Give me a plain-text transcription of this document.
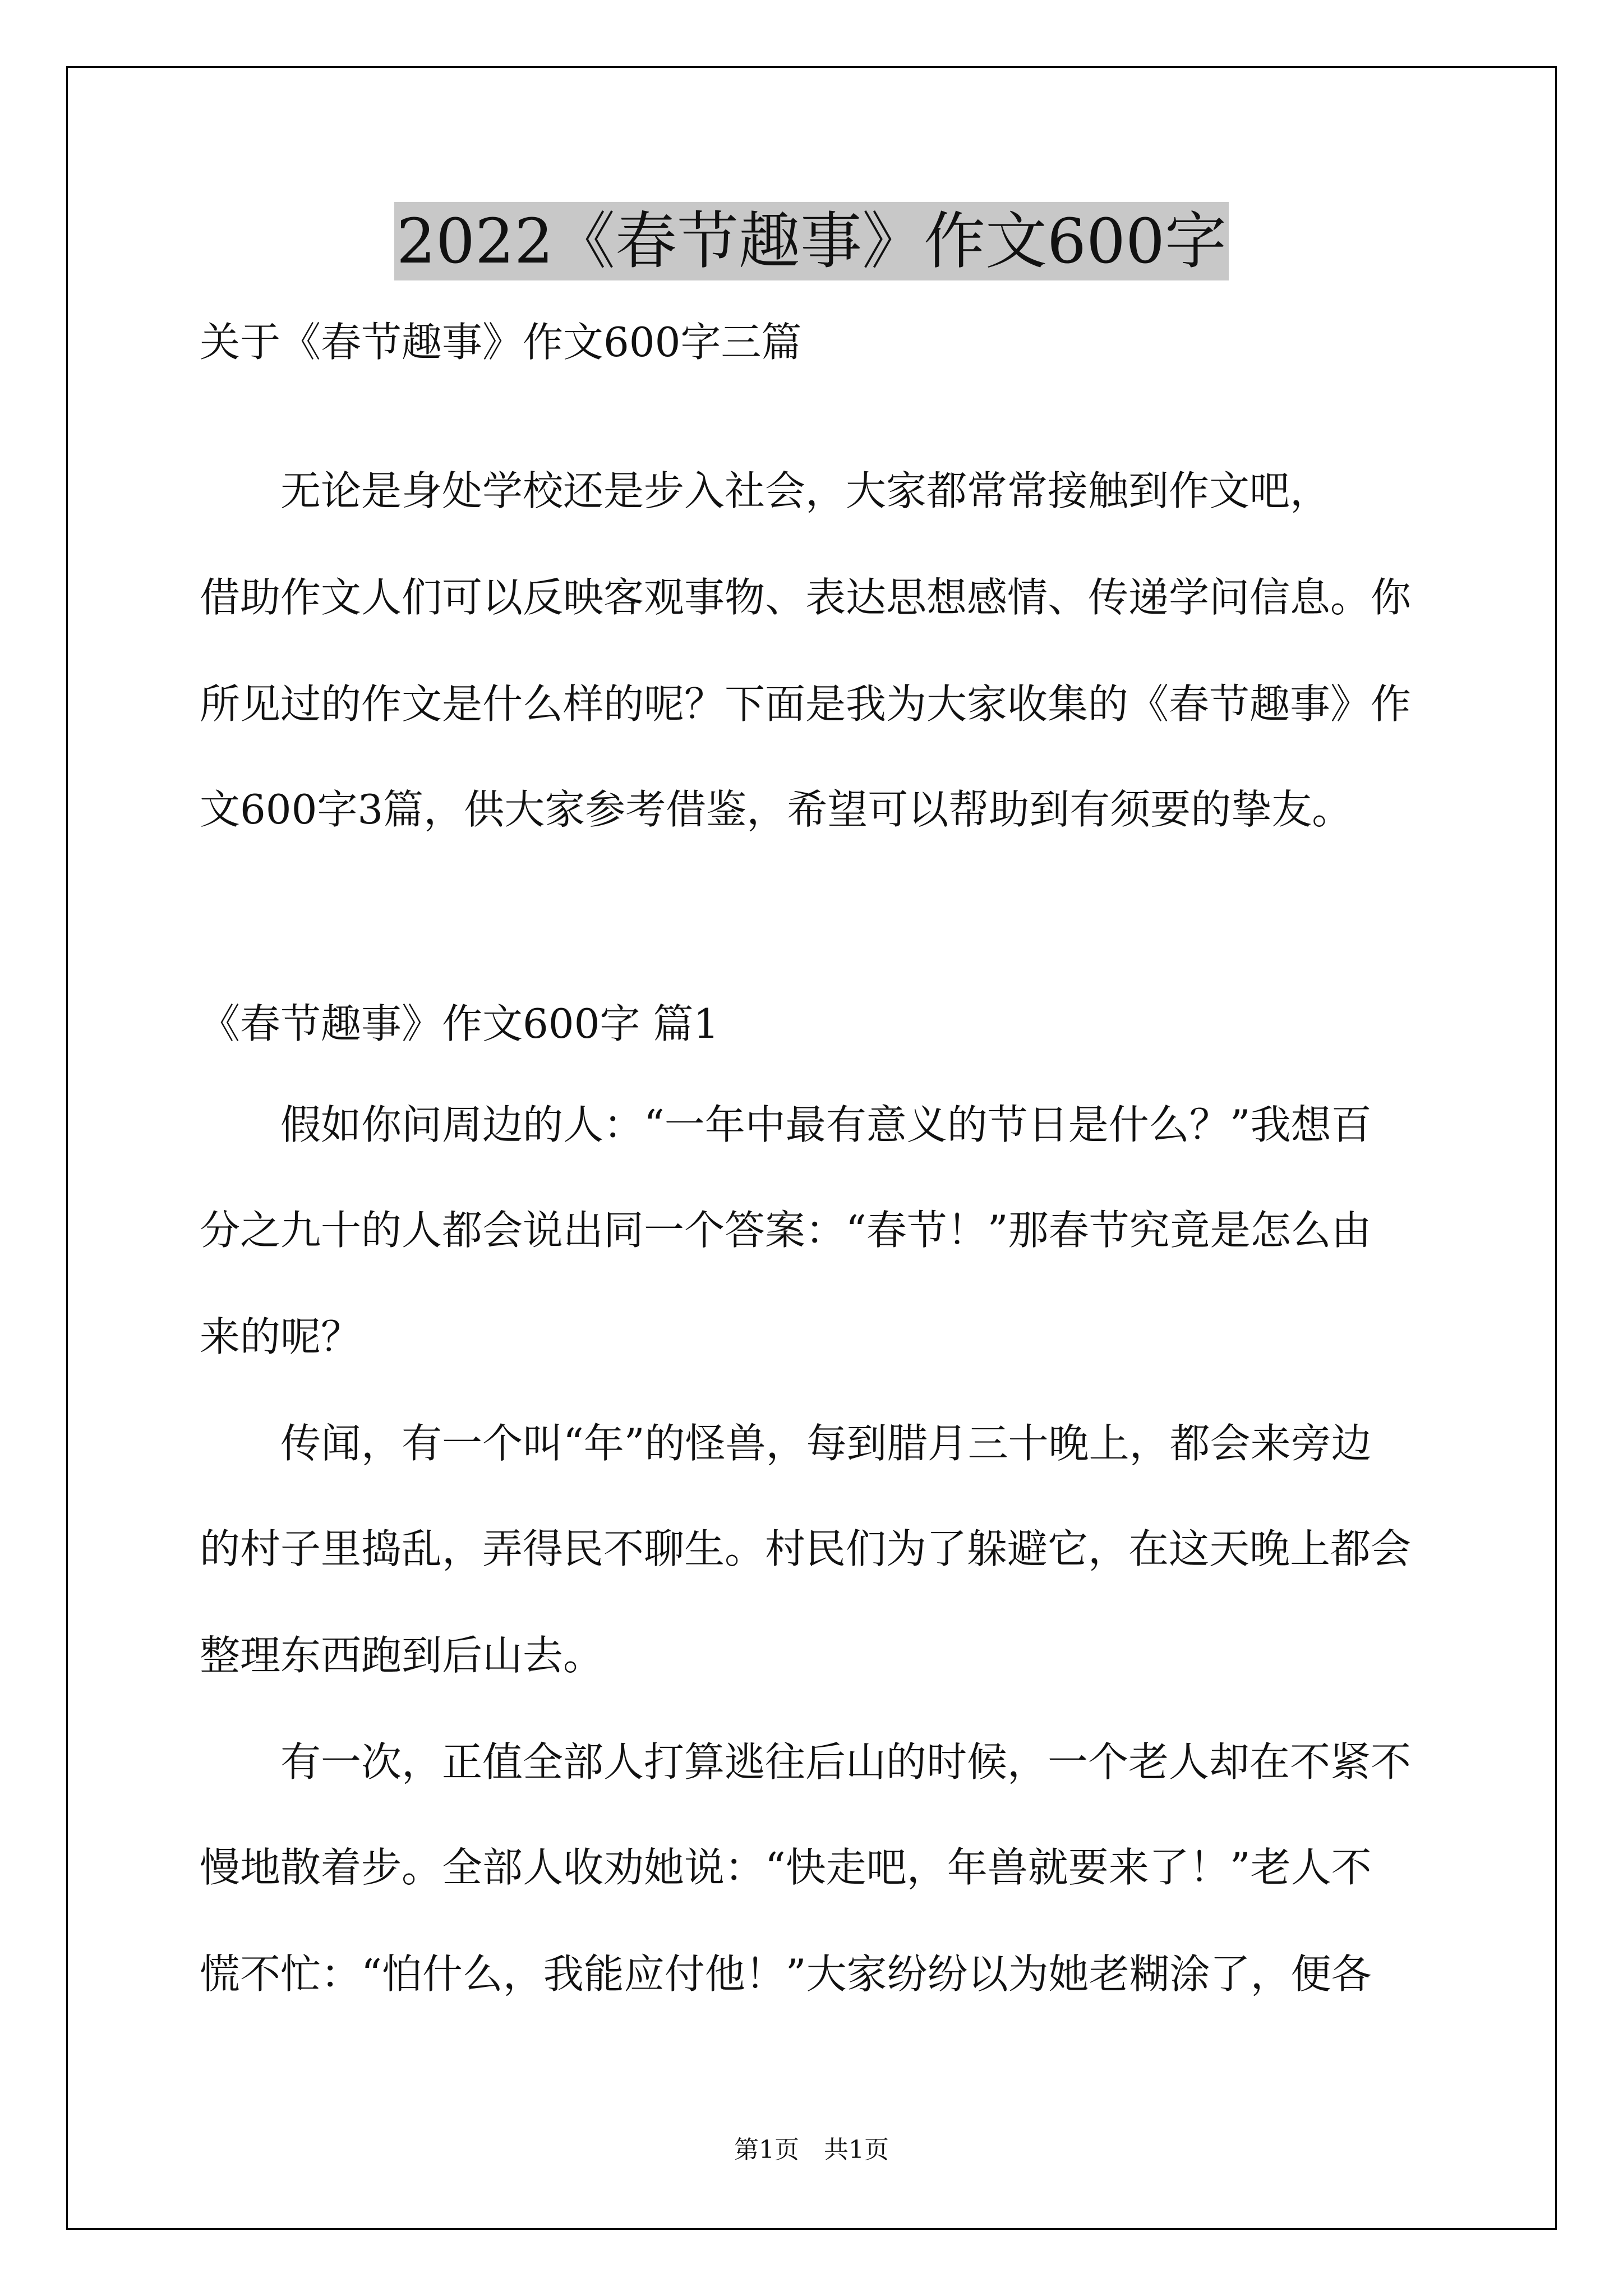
2022《春节趣事》作文600字
关于《春节趣事》作文600字三篇
　　无论是身处学校还是步入社会，大家都常常接触到作文吧，
借助作文人们可以反映客观事物、表达思想感情、传递学问信息。你
所见过的作文是什么样的呢？下面是我为大家收集的《春节趣事》作
文600字3篇，供大家参考借鉴，希望可以帮助到有须要的挚友。
《春节趣事》作文600字 篇1
　　假如你问周边的人：“一年中最有意义的节日是什么？”我想百
分之九十的人都会说出同一个答案：“春节！”那春节究竟是怎么由
来的呢？
　　传闻，有一个叫“年”的怪兽，每到腊月三十晚上，都会来旁边
的村子里捣乱，弄得民不聊生。村民们为了躲避它，在这天晚上都会
整理东西跑到后山去。
　　有一次，正值全部人打算逃往后山的时候，一个老人却在不紧不
慢地散着步。全部人收劝她说：“快走吧，年兽就要来了！”老人不
慌不忙：“怕什么，我能应付他！”大家纷纷以为她老糊涂了，便各
第1页　共1页
